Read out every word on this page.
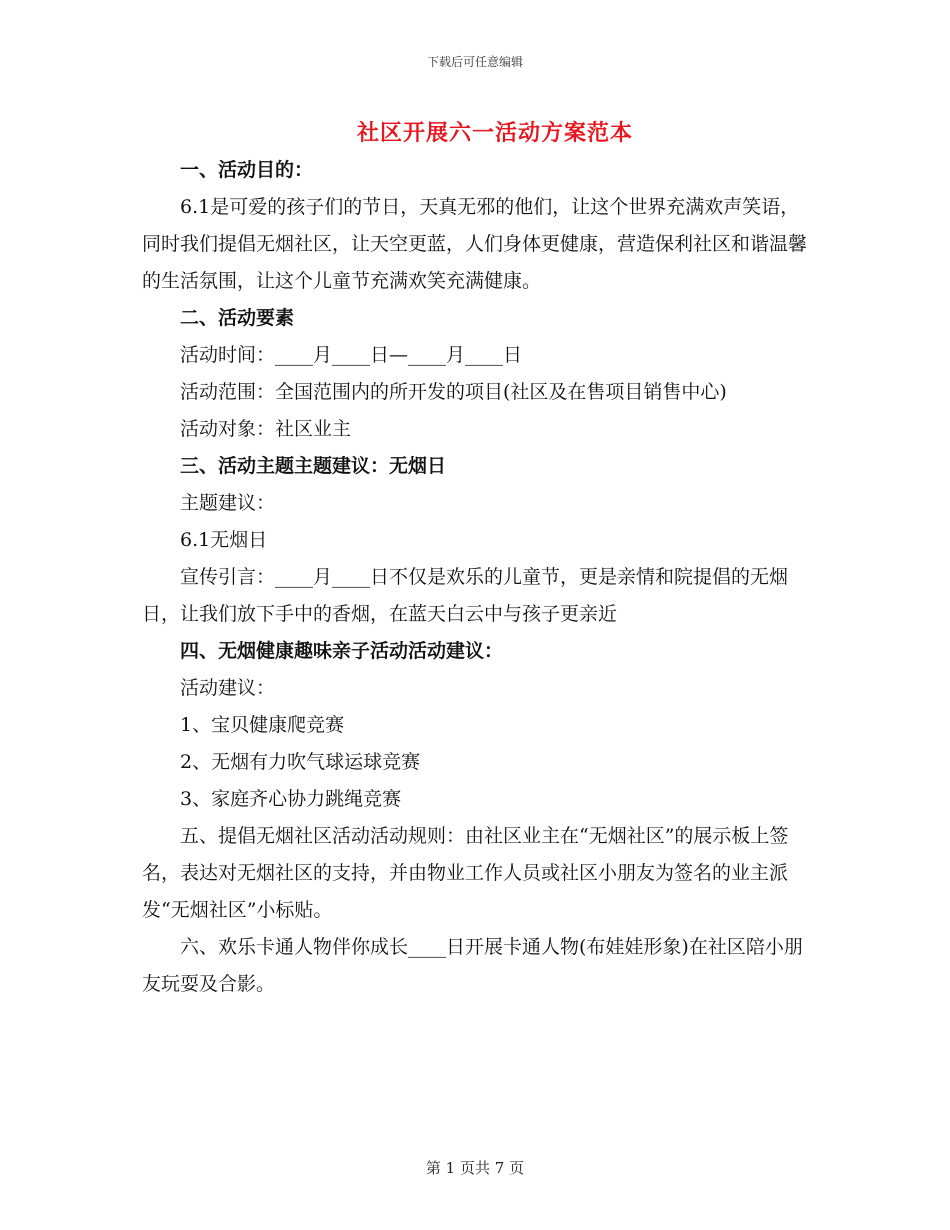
下载后可任意编辑
社区开展六一活动方案范本

一、活动目的：

6.1是可爱的孩子们的节日，天真无邪的他们，让这个世界充满欢声笑语，同时我们提倡无烟社区，让天空更蓝，人们身体更健康，营造保利社区和谐温馨的生活氛围，让这个儿童节充满欢笑充满健康。

二、活动要素

活动时间：____月____日—____月____日

活动范围：全国范围内的所开发的项目(社区及在售项目销售中心)

活动对象：社区业主

三、活动主题主题建议：无烟日

主题建议：

6.1无烟日

宣传引言：____月____日不仅是欢乐的儿童节，更是亲情和院提倡的无烟日，让我们放下手中的香烟，在蓝天白云中与孩子更亲近

四、无烟健康趣味亲子活动活动建议：

活动建议：

1、宝贝健康爬竞赛

2、无烟有力吹气球运球竞赛

3、家庭齐心协力跳绳竞赛

五、提倡无烟社区活动活动规则：由社区业主在“无烟社区”的展示板上签名，表达对无烟社区的支持，并由物业工作人员或社区小朋友为签名的业主派发“无烟社区”小标贴。

六、欢乐卡通人物伴你成长____日开展卡通人物(布娃娃形象)在社区陪小朋友玩耍及合影。

第 1 页共 7 页
